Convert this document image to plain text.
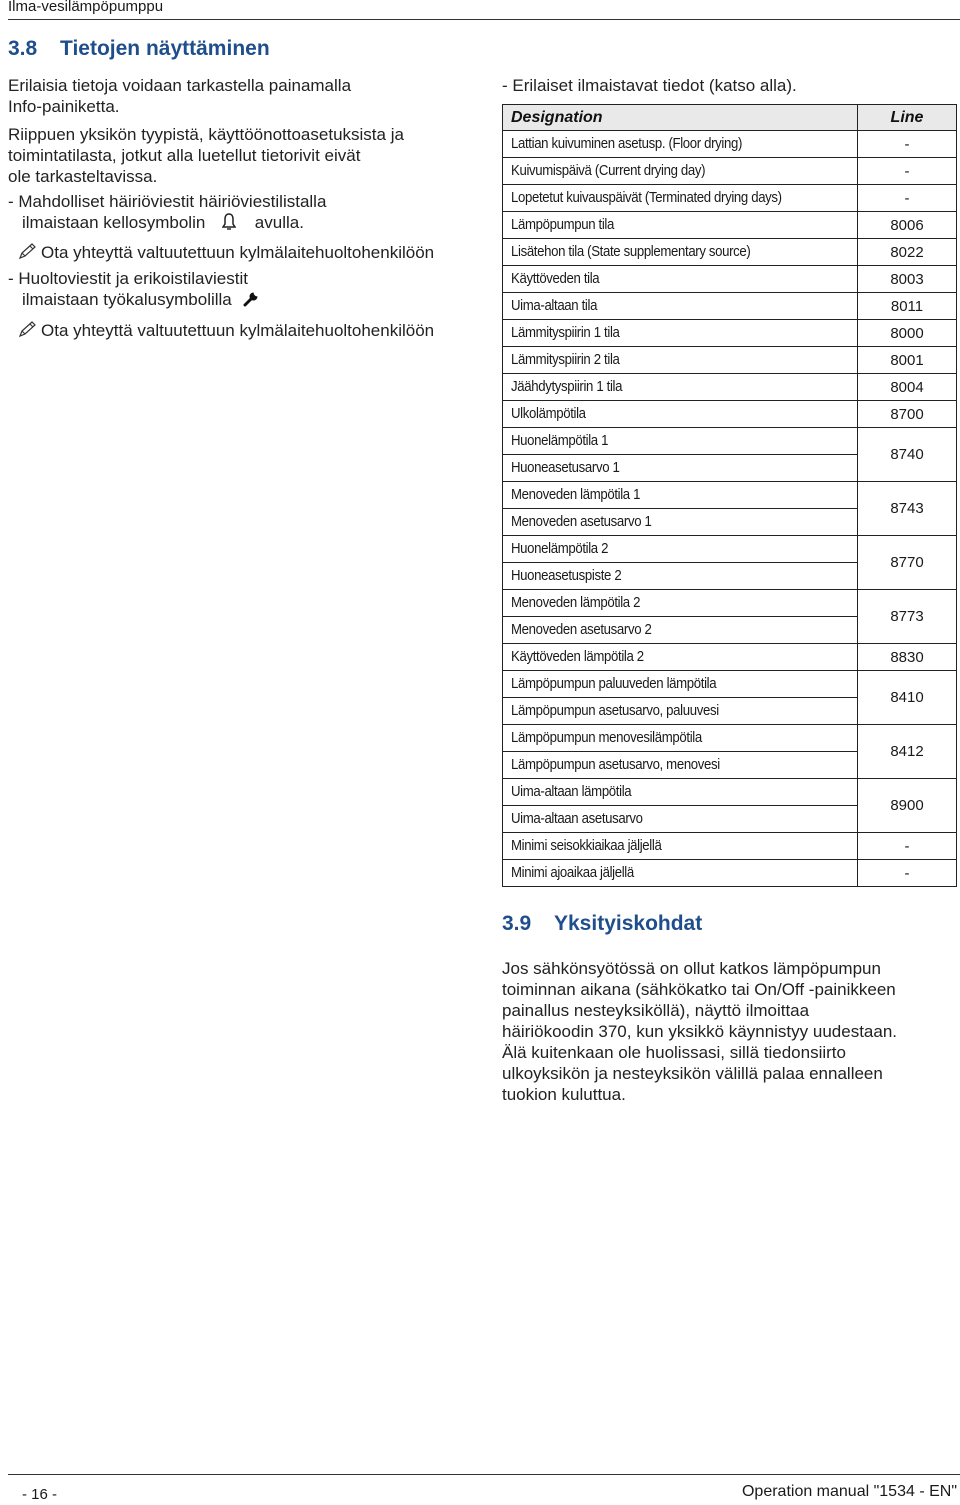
Ilma-vesilämpöpumppu
3.8 Tietojen näyttäminen
Erilaisia tietoja voidaan tarkastella painamalla
Info-painiketta.
Riippuen yksikön tyypistä, käyttöönottoasetuksista ja
toimintatilasta, jotkut alla luetellut tietorivit eivät
ole tarkasteltavissa.
- Mahdolliset häiriöviestit häiriöviestilistalla
ilmaistaan kellosymbolin	avulla.
Ota yhteyttä valtuutettuun kylmälaitehuoltohenkilöön
- Huoltoviestit ja erikoistilaviestit
ilmaistaan työkalusymbolilla
Ota yhteyttä valtuutettuun kylmälaitehuoltohenkilöön
- Erilaiset ilmaistavat tiedot (katso alla).
Designation	Line
Lattian kuivuminen asetusp. (Floor drying)	-
Kuivumispäivä (Current drying day)	-
Lopetetut kuivauspäivät (Terminated drying days)	-
Lämpöpumpun tila	8006
Lisätehon tila (State supplementary source)	8022
Käyttöveden tila	8003
Uima-altaan tila	8011
Lämmityspiirin 1 tila	8000
Lämmityspiirin 2 tila	8001
Jäähdytyspiirin 1 tila	8004
Ulkolämpötila	8700

Huonelämpötila 1
Huoneasetusarvo 1	8740

Menoveden lämpötila 1
Menoveden asetusarvo 1	8743

Huonelämpötila 2
Huoneasetuspiste 2	8770

Menoveden lämpötila 2
Menoveden asetusarvo 2	8773
Käyttöveden lämpötila 2	8830

Lämpöpumpun paluuveden lämpötila
Lämpöpumpun asetusarvo, paluuvesi	8410

Lämpöpumpun menovesilämpötila
Lämpöpumpun asetusarvo, menovesi	8412

Uima-altaan lämpötila
Uima-altaan asetusarvo	8900
Minimi seisokkiaikaa jäljellä	-
Minimi ajoaikaa jäljellä	-
3.9 Yksityiskohdat
Jos sähkönsyötössä on ollut katkos lämpöpumpun
toiminnan aikana (sähkökatko tai On/Off -painikkeen
painallus nesteyksiköllä), näyttö ilmoittaa
häiriökoodin 370, kun yksikkö käynnistyy uudestaan.
Älä kuitenkaan ole huolissasi, sillä tiedonsiirto
ulkoyksikön ja nesteyksikön välillä palaa ennalleen
tuokion kuluttua.
- 16 -	Operation manual "1534 - EN"
